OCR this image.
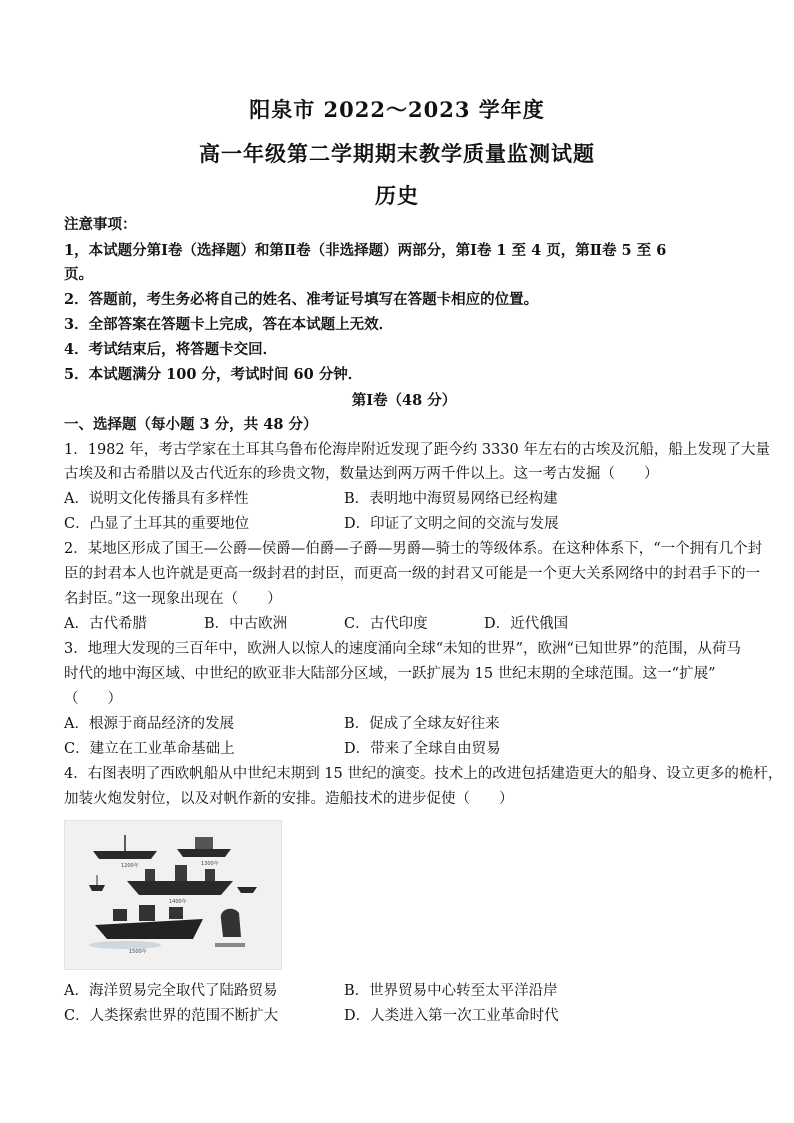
阳泉市 2022～2023 学年度
高一年级第二学期期末教学质量监测试题
历史
注意事项：
1，本试题分第Ⅰ卷（选择题）和第Ⅱ卷（非选择题）两部分，第Ⅰ卷 1 至 4 页，第Ⅱ卷 5 至 6
页。
2．答题前，考生务必将自己的姓名、准考证号填写在答题卡相应的位置。
3．全部答案在答题卡上完成，答在本试题上无效．
4．考试结束后，将答题卡交回．
5．本试题满分 100 分，考试时间 60 分钟．
第Ⅰ卷（48 分）
一、选择题（每小题 3 分，共 48 分）
1．1982 年，考古学家在土耳其乌鲁布伦海岸附近发现了距今约 3330 年左右的古埃及沉船，船上发现了大量
古埃及和古希腊以及古代近东的珍贵文物，数量达到两万两千件以上。这一考古发掘（　　）
A．说明文化传播具有多样性	B．表明地中海贸易网络已经构建
C．凸显了土耳其的重要地位	D．印证了文明之间的交流与发展
2．某地区形成了国王—公爵—侯爵—伯爵—子爵—男爵—骑士的等级体系。在这种体系下，“一个拥有几个封
臣的封君本人也许就是更高一级封君的封臣，而更高一级的封君又可能是一个更大关系网络中的封君手下的一
名封臣。”这一现象出现在（　　）
A．古代希腊	B．中古欧洲	C．古代印度	D．近代俄国
3．地理大发现的三百年中，欧洲人以惊人的速度涌向全球“未知的世界”，欧洲“已知世界”的范围，从荷马
时代的地中海区域、中世纪的欧亚非大陆部分区域，一跃扩展为 15 世纪末期的全球范围。这一“扩展”
（　　）
A．根源于商品经济的发展	B．促成了全球友好往来
C．建立在工业革命基础上	D．带来了全球自由贸易
4．右图表明了西欧帆船从中世纪末期到 15 世纪的演变。技术上的改进包括建造更大的船身、设立更多的桅杆，
加装火炮发射位，以及对帆作新的安排。造船技术的进步促使（　　）
1200年	1300年
1400年
1500年
A．海洋贸易完全取代了陆路贸易	B．世界贸易中心转至太平洋沿岸
C．人类探索世界的范围不断扩大	D．人类进入第一次工业革命时代
